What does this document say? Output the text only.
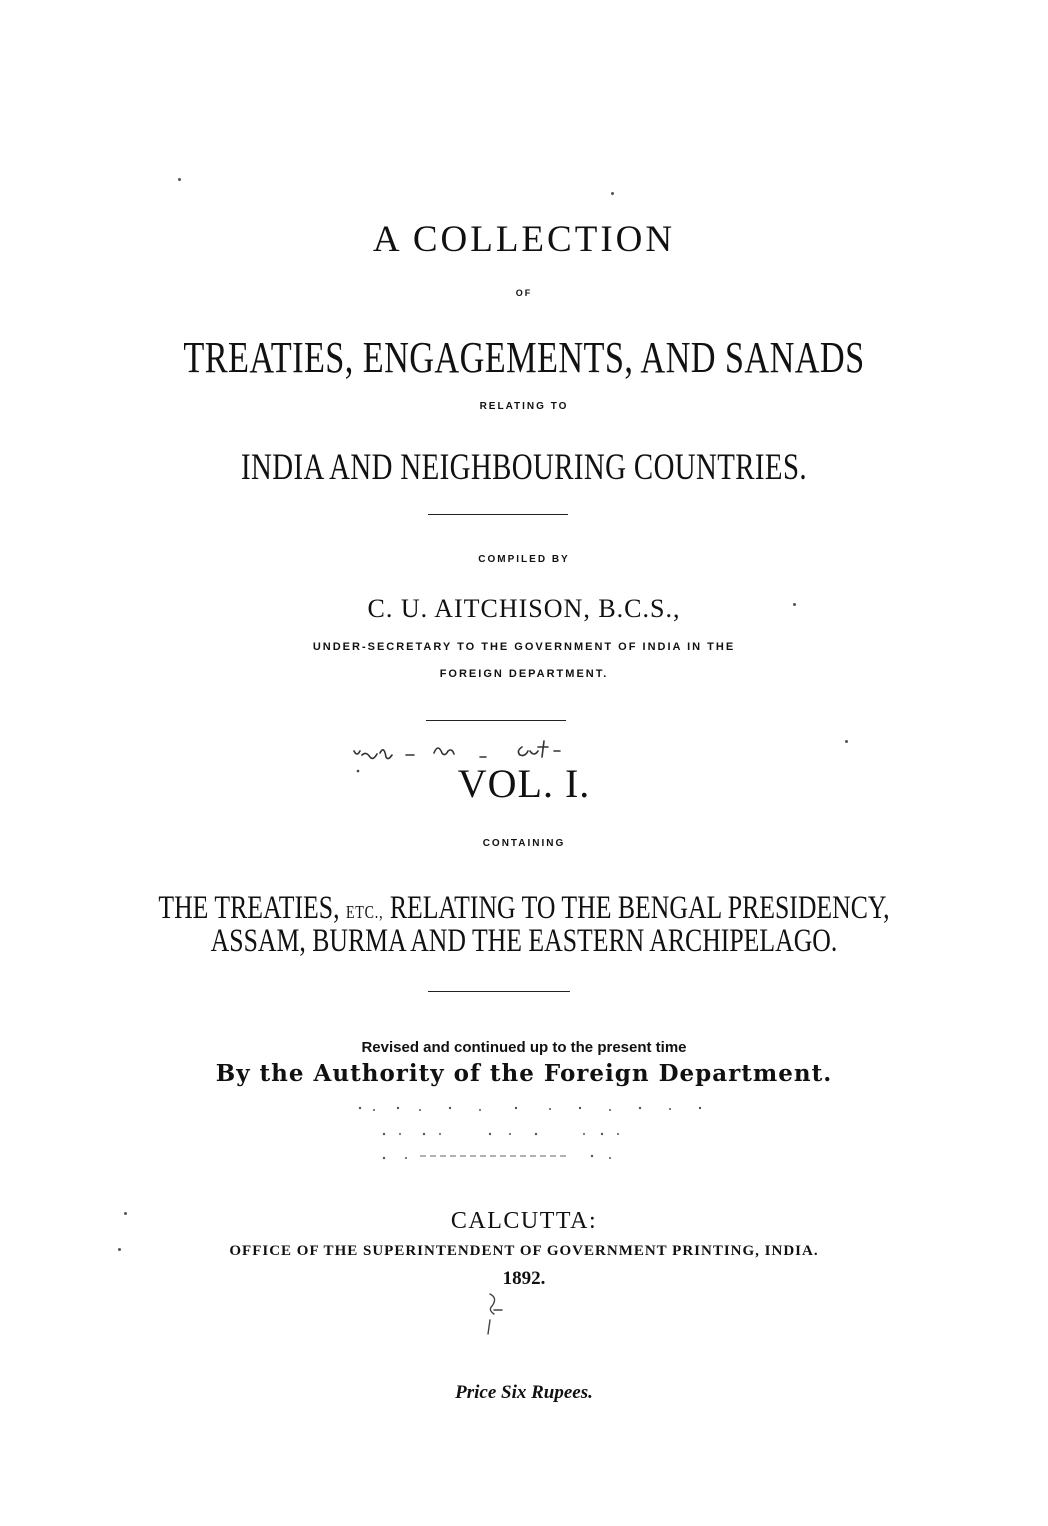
A COLLECTION
OF
TREATIES, ENGAGEMENTS, AND SANADS
RELATING TO
INDIA AND NEIGHBOURING COUNTRIES.
COMPILED BY
C. U. AITCHISON, B.C.S.,
UNDER-SECRETARY TO THE GOVERNMENT OF INDIA IN THE
FOREIGN DEPARTMENT.
VOL. I.
CONTAINING
THE TREATIES, ETC., RELATING TO THE BENGAL PRESIDENCY,
ASSAM, BURMA AND THE EASTERN ARCHIPELAGO.
Revised and continued up to the present time
By the Authority of the Foreign Department.
CALCUTTA:
OFFICE OF THE SUPERINTENDENT OF GOVERNMENT PRINTING, INDIA.
1892.
Price Six Rupees.
